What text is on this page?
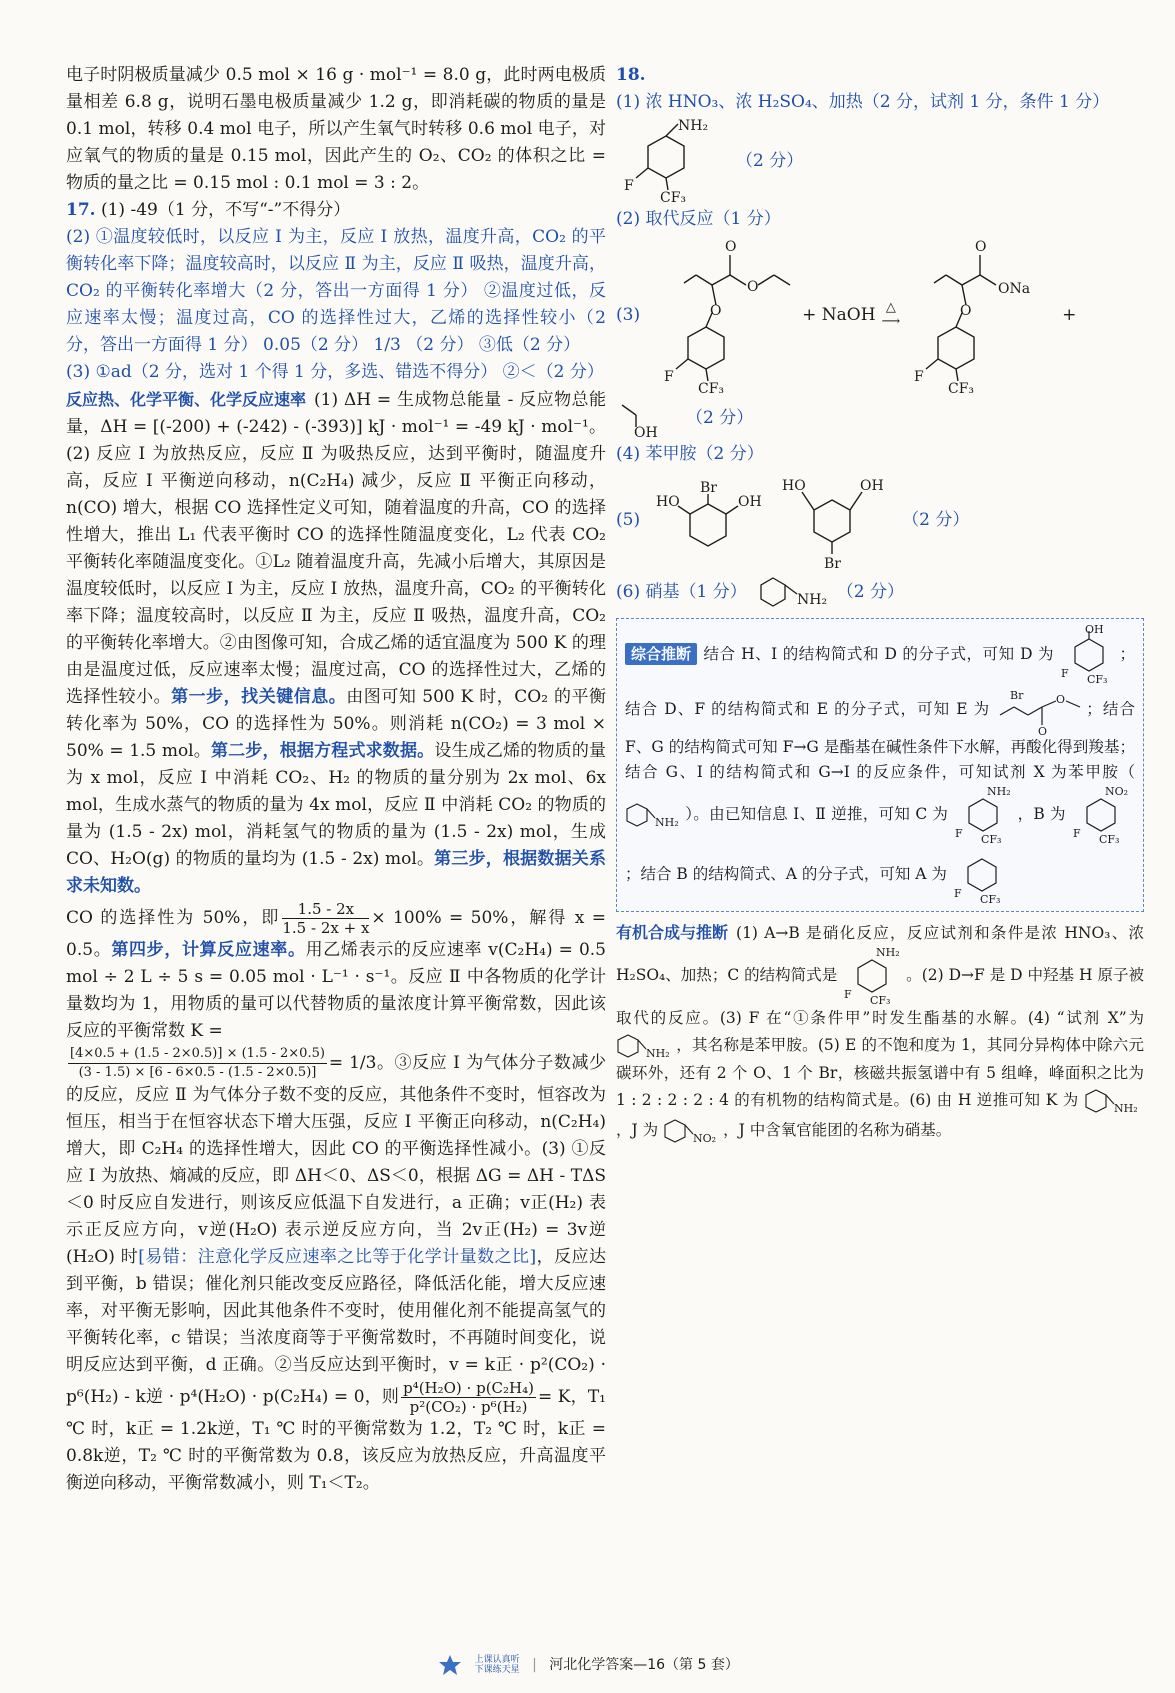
电子时阴极质量减少 0.5 mol × 16 g · mol⁻¹ = 8.0 g，此时两电极质量相差 6.8 g，说明石墨电极质量减少 1.2 g，即消耗碳的物质的量是 0.1 mol，转移 0.4 mol 电子，所以产生氧气时转移 0.6 mol 电子，对应氧气的物质的量是 0.15 mol，因此产生的 O₂、CO₂ 的体积之比 = 物质的量之比 = 0.15 mol : 0.1 mol = 3 : 2。

17. (1) -49（1 分，不写“-”不得分）

(2) ①温度较低时，以反应 Ⅰ 为主，反应 Ⅰ 放热，温度升高，CO₂ 的平衡转化率下降；温度较高时，以反应 Ⅱ 为主，反应 Ⅱ 吸热，温度升高，CO₂ 的平衡转化率增大（2 分，答出一方面得 1 分） ②温度过低，反应速率太慢；温度过高，CO 的选择性过大，乙烯的选择性较小（2 分，答出一方面得 1 分） 0.05（2 分） 1/3 （2 分） ③低（2 分）

(3) ①ad（2 分，选对 1 个得 1 分，多选、错选不得分） ②＜（2 分）

反应热、化学平衡、化学反应速率 (1) ΔH = 生成物总能量 - 反应物总能量，ΔH = [(-200) + (-242) - (-393)] kJ · mol⁻¹ = -49 kJ · mol⁻¹。(2) 反应 Ⅰ 为放热反应，反应 Ⅱ 为吸热反应，达到平衡时，随温度升高，反应 Ⅰ 平衡逆向移动，n(C₂H₄) 减少，反应 Ⅱ 平衡正向移动，n(CO) 增大，根据 CO 选择性定义可知，随着温度的升高，CO 的选择性增大，推出 L₁ 代表平衡时 CO 的选择性随温度变化，L₂ 代表 CO₂ 平衡转化率随温度变化。①L₂ 随着温度升高，先减小后增大，其原因是温度较低时，以反应 Ⅰ 为主，反应 Ⅰ 放热，温度升高，CO₂ 的平衡转化率下降；温度较高时，以反应 Ⅱ 为主，反应 Ⅱ 吸热，温度升高，CO₂ 的平衡转化率增大。②由图像可知，合成乙烯的适宜温度为 500 K 的理由是温度过低，反应速率太慢；温度过高，CO 的选择性过大，乙烯的选择性较小。第一步，找关键信息。由图可知 500 K 时，CO₂ 的平衡转化率为 50%，CO 的选择性为 50%。则消耗 n(CO₂) = 3 mol × 50% = 1.5 mol。第二步，根据方程式求数据。设生成乙烯的物质的量为 x mol，反应 Ⅰ 中消耗 CO₂、H₂ 的物质的量分别为 2x mol、6x mol，生成水蒸气的物质的量为 4x mol，反应 Ⅱ 中消耗 CO₂ 的物质的量为 (1.5 - 2x) mol，消耗氢气的物质的量为 (1.5 - 2x) mol，生成 CO、H₂O(g) 的物质的量均为 (1.5 - 2x) mol。第三步，根据数据关系求未知数。

CO 的选择性为 50%，即 $\frac{1.5 - 2x}{1.5 - 2x + x} \times 100\% = 50\%$，解得 x = 0.5。第四步，计算反应速率。用乙烯表示的反应速率 v(C₂H₄) = 0.5 mol ÷ 2 L ÷ 5 s = 0.05 mol · L⁻¹ · s⁻¹。反应 Ⅱ 中各物质的化学计量数均为 1，用物质的量可以代替物质的量浓度计算平衡常数，因此该反应的平衡常数 K =

$\frac{[4\times 0.5 + (1.5 - 2\times 0.5)] \times (1.5 - 2\times 0.5)}{(3 - 1.5) \times [6 - 6\times 0.5 - (1.5 - 2\times 0.5)]} = 1/3$。③反应 Ⅰ 为气体分子数减少的反应，反应 Ⅱ 为气体分子数不变的反应，其他条件不变时，恒容改为恒压，相当于在恒容状态下增大压强，反应 Ⅰ 平衡正向移动，n(C₂H₄) 增大，即 C₂H₄ 的选择性增大，因此 CO 的平衡选择性减小。(3) ①反应 Ⅰ 为放热、熵减的反应，即 ΔH＜0、ΔS＜0，根据 ΔG = ΔH - TΔS＜0 时反应自发进行，则该反应低温下自发进行，a 正确；v正(H₂) 表示正反应方向，v逆(H₂O) 表示逆反应方向，当 2v正(H₂) = 3v逆(H₂O) 时[易错：注意化学反应速率之比等于化学计量数之比]，反应达到平衡，b 错误；催化剂只能改变反应路径，降低活化能，增大反应速率，对平衡无影响，因此其他条件不变时，使用催化剂不能提高氢气的平衡转化率，c 错误；当浓度商等于平衡常数时，不再随时间变化，说明反应达到平衡，d 正确。②当反应达到平衡时，v = k正 · p²(CO₂) · p⁶(H₂) - k逆 · p⁴(H₂O) · p(C₂H₄) = 0，则 $\frac{\text{p⁴(H₂O) · p(C₂H₄)}}{\text{p²(CO₂) · p⁶(H₂)}} = K$，T₁ ℃ 时，k正 = 1.2k逆，T₁ ℃ 时的平衡常数为 1.2，T₂ ℃ 时，k正 = 0.8k逆，T₂ ℃ 时的平衡常数为 0.8，该反应为放热反应，升高温度平衡逆向移动，平衡常数减小，则 T₁＜T₂。

18. (1) 浓 HNO₃、浓 H₂SO₄、加热（2 分，试剂 1 分，条件 1 分）

NH₂
F
CF₃
（2 分）

(2) 取代反应（1 分）

(3)	O
O
O
F
CF₃
+ NaOH △
⟶
O
O
ONa
F
CF₃
+
OH
（2 分）

(4) 苯甲胺（2 分）

(5)
Br
HO	OH
HO	OH
Br
（2 分）
(6) 硝基（1 分）	NH₂ （2 分）

综合推断 结合 H、I 的结构简式和 D 的分子式，可知 D 为
OH
F CF₃
；结合 D、F 的结构简式和 E 的分子式，可知 E 为
Br
O
O
；结合 F、G 的结构简式可知 F→G 是酯基在碱性条件下水解，再酸化得到羧基；结合 G、I 的结构简式和 G→I 的反应条件，可知试剂 X 为苯甲胺（
NH₂ ）。由已知信息 Ⅰ、Ⅱ 逆推，可知 C 为
NH₂
F CF₃
，B 为
NO₂
F CF₃
；结合 B 的结构简式、A 的分子式，可知 A 为
F CF₃

有机合成与推断 (1) A→B 是硝化反应，反应试剂和条件是浓 HNO₃、浓 H₂SO₄、加热；C 的结构简式是
NH₂
F CF₃
。(2) D→F 是 D 中羟基 H 原子被取代的反应。(3) F 在“①条件甲”时发生酯基的水解。(4) “试剂 X”为
NH₂ ，其名称是苯甲胺。(5) E 的不饱和度为 1，其同分异构体中除六元碳环外，还有 2 个 O、1 个 Br，核磁共振氢谱中有 5 组峰，峰面积之比为 1 : 2 : 2 : 2 : 4 的有机物的结构简式是。(6) 由 H 逆推可知 K 为	NH₂
，J 为	NO₂ ，J 中含氧官能团的名称为硝基。

上课认真听
下课练天星 | 河北化学答案—16（第 5 套）
